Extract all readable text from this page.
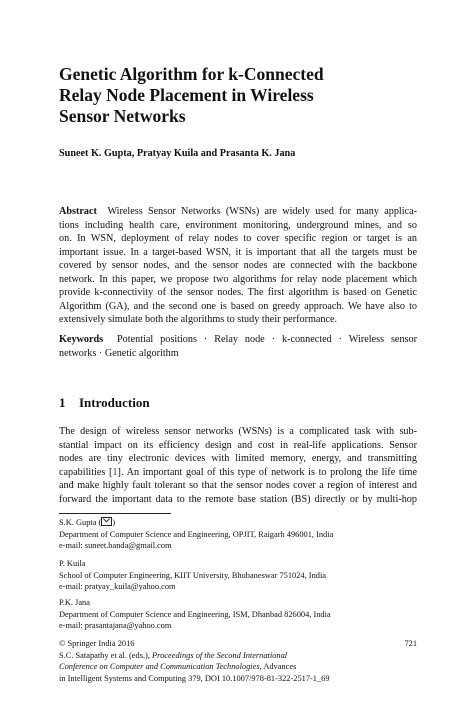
Genetic Algorithm for k-Connected
Relay Node Placement in Wireless
Sensor Networks
Suneet K. Gupta, Pratyay Kuila and Prasanta K. Jana
Abstract Wireless Sensor Networks (WSNs) are widely used for many applica-
tions including health care, environment monitoring, underground mines, and so
on. In WSN, deployment of relay nodes to cover specific region or target is an
important issue. In a target-based WSN, it is important that all the targets must be
covered by sensor nodes, and the sensor nodes are connected with the backbone
network. In this paper, we propose two algorithms for relay node placement which
provide k-connectivity of the sensor nodes. The first algorithm is based on Genetic
Algorithm (GA), and the second one is based on greedy approach. We have also to
extensively simulate both the algorithms to study their performance.
Keywords Potential positions · Relay node · k-connected · Wireless sensor
networks · Genetic algorithm
1 Introduction
The design of wireless sensor networks (WSNs) is a complicated task with sub-
stantial impact on its efficiency design and cost in real-life applications. Sensor
nodes are tiny electronic devices with limited memory, energy, and transmitting
capabilities [1]. An important goal of this type of network is to prolong the life time
and make highly fault tolerant so that the sensor nodes cover a region of interest and
forward the important data to the remote base station (BS) directly or by multi-hop
S.K. Gupta ( )
Department of Computer Science and Engineering, OPJIT, Raigarh 496001, India
e-mail: suneet.banda@gmail.com
P. Kuila
School of Computer Engineering, KIIT University, Bhubaneswar 751024, India
e-mail: pratyay_kuila@yahoo.com
P.K. Jana
Department of Computer Science and Engineering, ISM, Dhanbad 826004, India
e-mail: prasantajana@yahoo.com
721
© Springer India 2016
S.C. Satapathy et al. (eds.), Proceedings of the Second International
Conference on Computer and Communication Technologies, Advances
in Intelligent Systems and Computing 379, DOI 10.1007/978-81-322-2517-1_69
